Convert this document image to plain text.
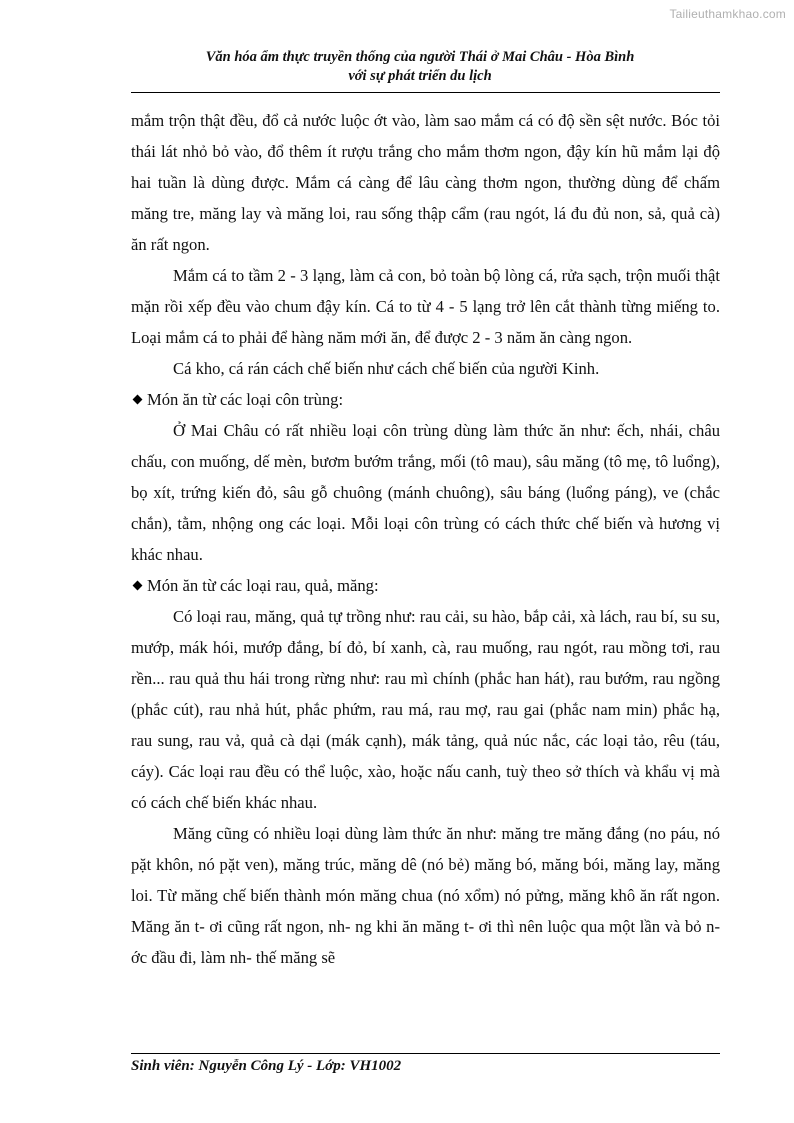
Tailieuthamkhao.com
Văn hóa ẩm thực truyền thống của người Thái ở Mai Châu - Hòa Bình
với sự phát triển du lịch

mắm trộn thật đều, đổ cả nước luộc ớt vào, làm sao mắm cá có độ sền sệt nước. Bóc tỏi thái lát nhỏ bỏ vào, đổ thêm ít rượu trắng cho mắm thơm ngon, đậy kín hũ mắm lại độ hai tuần là dùng được. Mắm cá càng để lâu càng thơm ngon, thường dùng để chấm măng tre, măng lay và măng loi, rau sống thập cẩm (rau ngót, lá đu đủ non, sả, quả cà) ăn rất ngon.

Mắm cá to tầm 2 - 3 lạng, làm cả con, bỏ toàn bộ lòng cá, rửa sạch, trộn muối thật mặn rồi xếp đều vào chum đậy kín. Cá to từ 4 - 5 lạng trở lên cắt thành từng miếng to. Loại mắm cá to phải để hàng năm mới ăn, để được 2 - 3 năm ăn càng ngon.

Cá kho, cá rán cách chế biến như cách chế biến của người Kinh.

Món ăn từ các loại côn trùng:

Ở Mai Châu có rất nhiều loại côn trùng dùng làm thức ăn như: ếch, nhái, châu chấu, con muống, dế mèn, bươm bướm trắng, mối (tô mau), sâu măng (tô mẹ, tô luổng), bọ xít, trứng kiến đỏ, sâu gỗ chuông (mánh chuông), sâu báng (luổng páng), ve (chắc chắn), tằm, nhộng ong các loại. Mỗi loại côn trùng có cách thức chế biến và hương vị khác nhau.

Món ăn từ các loại rau, quả, măng:

Có loại rau, măng, quả tự trồng như: rau cải, su hào, bắp cải, xà lách, rau bí, su su, mướp, mák hói, mướp đắng, bí đỏ, bí xanh, cà, rau muống, rau ngót, rau mồng tơi, rau rền... rau quả thu hái trong rừng như: rau mì chính (phắc han hát), rau bướm, rau ngồng (phắc cút), rau nhả hút, phắc phứm, rau má, rau mợ, rau gai (phắc nam min) phắc hạ, rau sung, rau vả, quả cà dại (mák cạnh), mák tảng, quả núc nắc, các loại tảo, rêu (táu, cáy). Các loại rau đều có thể luộc, xào, hoặc nấu canh, tuỳ theo sở thích và khẩu vị mà có cách chế biến khác nhau.

Măng cũng có nhiều loại dùng làm thức ăn như: măng tre măng đắng (no páu, nó pặt khôn, nó pặt ven), măng trúc, măng dê (nó bẻ) măng bó, măng bói, măng lay, măng loi. Từ măng chế biến thành món măng chua (nó xổm) nó pửng, măng khô ăn rất ngon. Măng ăn t- ơi cũng rất ngon, nh- ng khi ăn măng t- ơi thì nên luộc qua một lần và bỏ n- ớc đầu đi, làm nh- thế măng sẽ

Sinh viên: Nguyễn Công Lý - Lớp: VH1002
